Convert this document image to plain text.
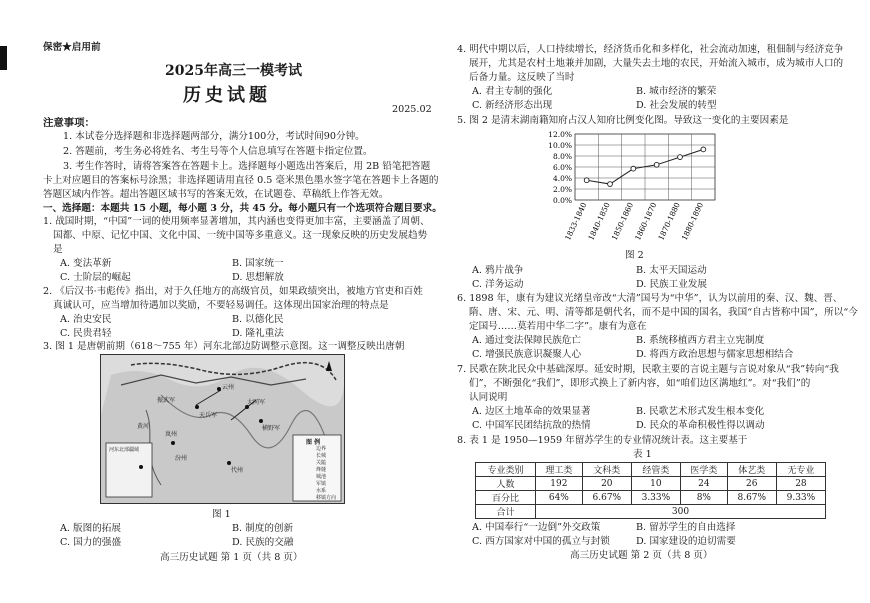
保密★启用前
2025年高三一模考试
历史试题
2025.02
注意事项：
1. 本试卷分选择题和非选择题两部分，满分100分，考试时间90分钟。
2. 答题前，考生务必将姓名、考生号等个人信息填写在答题卡指定位置。
3. 考生作答时，请将答案答在答题卡上。选择题每小题选出答案后，用 2B 铅笔把答题
卡上对应题目的答案标号涂黑；非选择题请用直径 0.5 毫米黑色墨水签字笔在答题卡上各题的
答题区域内作答。超出答题区域书写的答案无效，在试题卷、草稿纸上作答无效。
一、选择题：本题共 15 小题，每小题 3 分，共 45 分。每小题只有一个选项符合题目要求。
1. 战国时期，“中国”一词的使用频率显著增加，其内涵也变得更加丰富，主要涵盖了周朝、
国都、中原、记忆中国、文化中国、一统中国等多重意义。这一现象反映的历史发展趋势
是
A. 变法革新	B. 国家统一
C. 士阶层的崛起	D. 思想解放
2. 《后汉书·韦彪传》指出，对于久任地方的高级官员，如果政绩突出，被地方官吏和百姓
真诚认可，应当增加待遇加以奖励，不要轻易调任。这体现出国家治理的特点是
A. 治史安民	B. 以德化民
C. 民贵君轻	D. 隆礼重法
3. 图 1 是唐朝前期（618～755 年）河东北部边防调整示意图。这一调整反映出唐朝
云州
大同军
天兵军
岚州
代州
横野军
黄河
汾州
振武军
河东北部疆域
图 例
边界
长城
关隘
烽燧
城池
军镇
水系
移镇方向
图 1
A. 版图的拓展	B. 制度的创新
C. 国力的强盛	D. 民族的交融
高三历史试题 第 1 页（共 8 页）
4. 明代中期以后，人口持续增长，经济货币化和多样化，社会流动加速，租佃制与经济竞争
展开，尤其是农村土地兼并加剧，大量失去土地的农民，开始流入城市，成为城市人口的
后备力量。这反映了当时
A. 君主专制的强化	B. 城市经济的繁荣
C. 新经济形态出现	D. 社会发展的转型
5. 图 2 是清末湖南籍知府占汉人知府比例变化图。导致这一变化的主要因素是
0.0%
2.0%
4.0%
6.0%
8.0%
10.0%
12.0%
1833-1840
1840-1850
1850-1860
1860-1870
1870-1880
1880-1890
图 2
A. 鸦片战争	B. 太平天国运动
C. 洋务运动	D. 民族工业发展
6. 1898 年，康有为建议光绪皇帝改“大清”国号为“中华”，认为以前用的秦、汉、魏、晋、
隋、唐、宋、元、明、清等都是朝代名，而不是中国的国名，我国“自古皆称中国”，所以“今
定国号……莫若用中华二字”。康有为意在
A. 通过变法保障民族危亡	B. 系统移植西方君主立宪制度
C. 增强民族意识凝聚人心	D. 将西方政治思想与儒家思想相结合
7. 民歌在陕北民众中基础深厚。延安时期，民歌主要的言说主题与言说对象从“我”转向“我
们”，不断强化“我们”，即形式换上了新内容，如“咱们边区满地红”。对“我们”的
认同说明
A. 边区土地革命的效果显著	B. 民歌艺术形式发生根本变化
C. 中国军民团结抗敌的热情	D. 民众的革命积极性得以调动
8. 表 1 是 1950—1959 年留苏学生的专业情况统计表。这主要基于
表 1
专业类别	理工类	文科类	经管类	医学类	体艺类	无专业
人数	192	20	10	24	26	28
百分比	64%	6.67%	3.33%	8%	8.67%	9.33%
合计	300					
A. 中国奉行“一边倒”外交政策	B. 留苏学生的自由选择
C. 西方国家对中国的孤立与封锁	D. 国家建设的迫切需要
高三历史试题 第 2 页（共 8 页）
